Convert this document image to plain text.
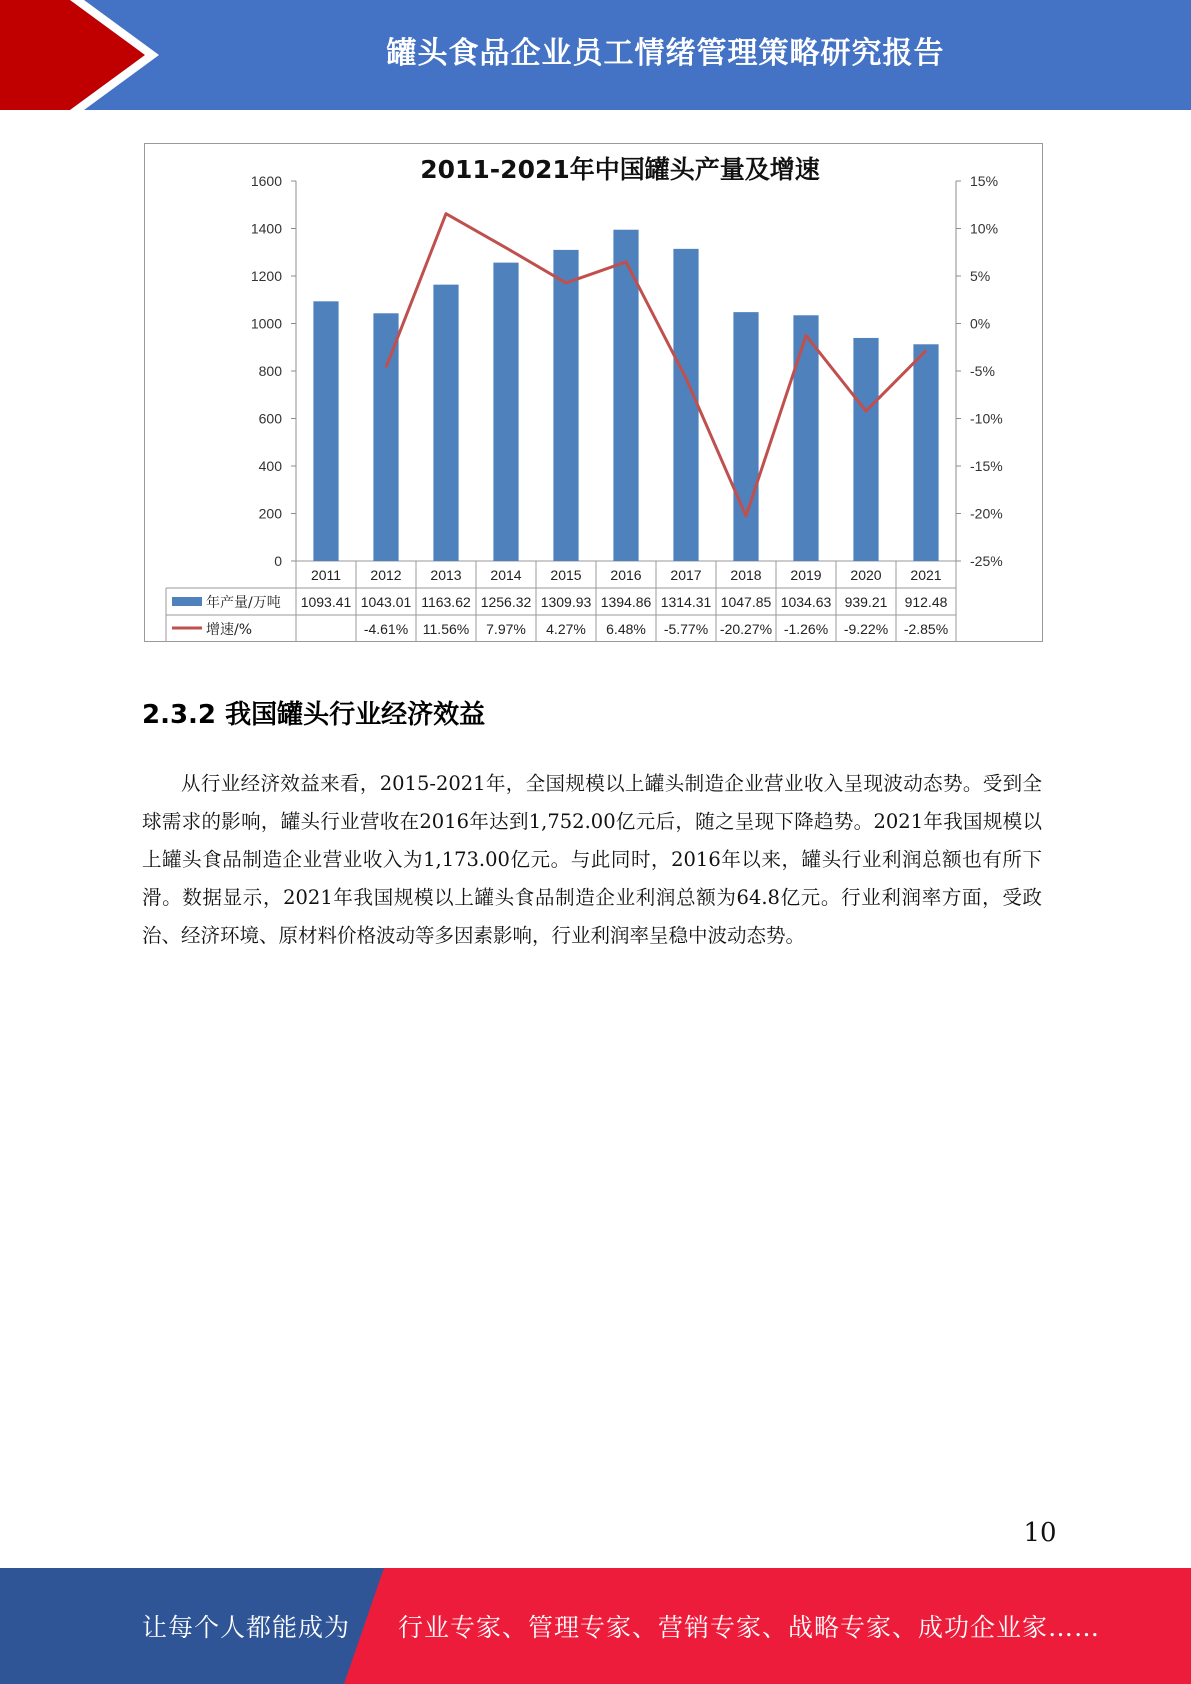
罐头食品企业员工情绪管理策略研究报告
2011-2021年中国罐头产量及增速
0
200
400
600
800
1000
1200
1400
1600
-25%
-20%
-15%
-10%
-5%
0%
5%
10%
15%
2011 2012 2013 2014 2015 2016 2017 2018 2019 2020 2021
年产量/万吨
增速/%
1093.41 1043.01 1163.62 1256.32 1309.93 1394.86 1314.31 1047.85 1034.63 939.21 912.48
-4.61% 11.56% 7.97% 4.27% 6.48% -5.77% -20.27% -1.26% -9.22% -2.85%
2.3.2 我国罐头行业经济效益
从行业经济效益来看，2015-2021年，全国规模以上罐头制造企业营业收入呈现波动态势。受到全球需求的影响，罐头行业营收在2016年达到1,752.00亿元后，随之呈现下降趋势。2021年我国规模以上罐头食品制造企业营业收入为1,173.00亿元。与此同时，2016年以来，罐头行业利润总额也有所下滑。数据显示，2021年我国规模以上罐头食品制造企业利润总额为64.8亿元。行业利润率方面，受政治、经济环境、原材料价格波动等多因素影响，行业利润率呈稳中波动态势。
10
让每个人都能成为 行业专家、管理专家、营销专家、战略专家、成功企业家……
